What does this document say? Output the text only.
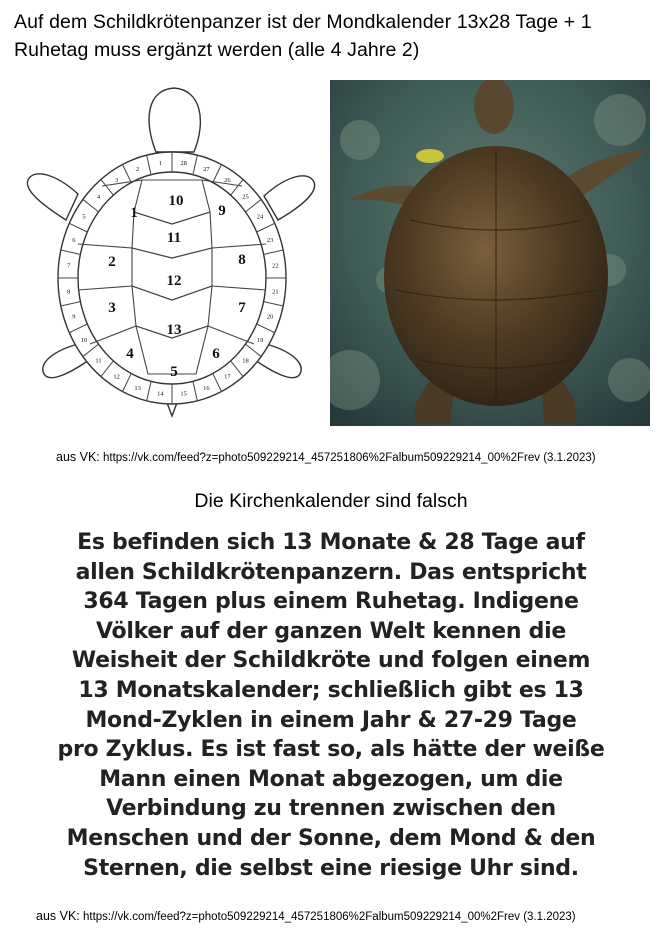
Auf dem Schildkrötenpanzer ist der Mondkalender 13x28 Tage + 1 Ruhetag muss ergänzt werden (alle 4 Jahre 2)
1
2
3
4
5
6
7
8
9
10
11
12
13
14	15
16
17
18
19
20
21
22
23
24
25
26
27
28
1
2
3
4
5
6
7
8
9
10
11
12
13
aus VK: https://vk.com/feed?z=photo509229214_457251806%2Falbum509229214_00%2Frev (3.1.2023)
Die Kirchenkalender sind falsch
Es befinden sich 13 Monate & 28 Tage auf
allen Schildkrötenpanzern. Das entspricht
364 Tagen plus einem Ruhetag. Indigene
Völker auf der ganzen Welt kennen die
Weisheit der Schildkröte und folgen einem
13 Monatskalender; schließlich gibt es 13
Mond-Zyklen in einem Jahr & 27-29 Tage
pro Zyklus. Es ist fast so, als hätte der weiße
Mann einen Monat abgezogen, um die
Verbindung zu trennen zwischen den
Menschen und der Sonne, dem Mond & den
Sternen, die selbst eine riesige Uhr sind.
aus VK: https://vk.com/feed?z=photo509229214_457251806%2Falbum509229214_00%2Frev (3.1.2023)
